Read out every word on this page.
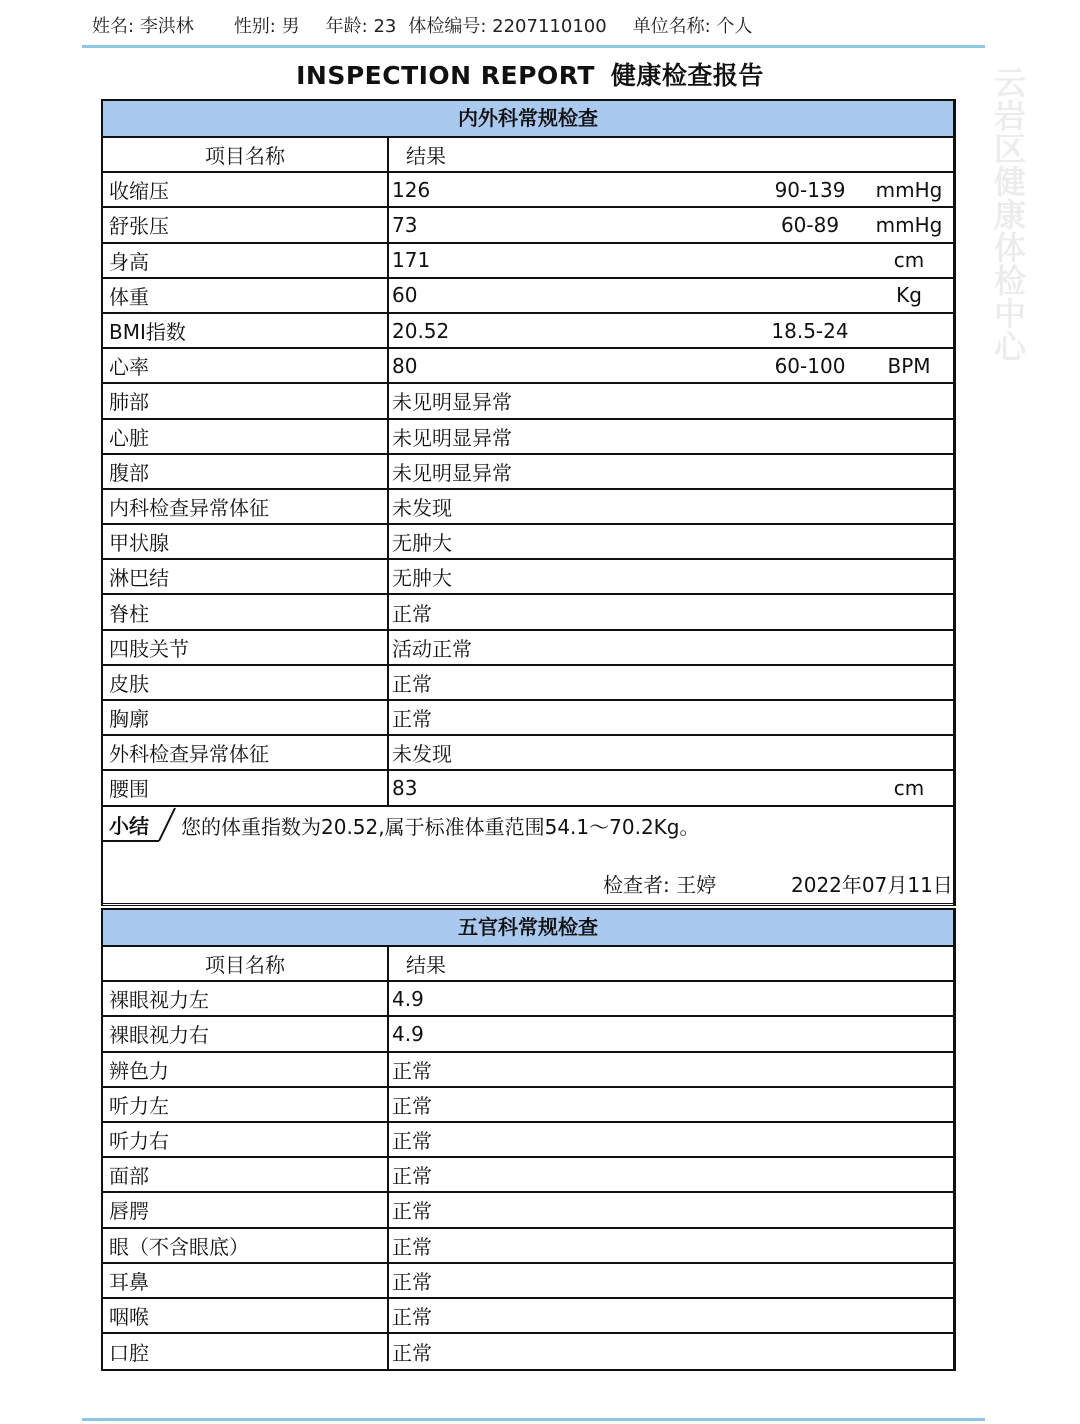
姓名: 李洪林 性别: 男 年龄: 23 体检编号: 2207110100 单位名称: 个人
INSPECTION REPORT 健康检查报告	云岩区健康体检中心
内外科常规检查
项目名称	结果
收缩压	126	90-139	mmHg
舒张压	73	60-89	mmHg
身高	171	cm
体重	60	Kg
BMI指数	20.52	18.5-24
心率	80	60-100	BPM
肺部	未见明显异常
心脏	未见明显异常
腹部	未见明显异常
内科检查异常体征	未发现
甲状腺	无肿大
淋巴结	无肿大
脊柱	正常
四肢关节	活动正常
皮肤	正常
胸廓	正常
外科检查异常体征	未发现
腰围	83	cm
小结	您的体重指数为20.52,属于标准体重范围54.1～70.2Kg。
检查者: 王婷	2022年07月11日
五官科常规检查
项目名称	结果
裸眼视力左	4.9
裸眼视力右	4.9
辨色力	正常
听力左	正常
听力右	正常
面部	正常
唇腭	正常
眼（不含眼底）	正常
耳鼻	正常
咽喉	正常
口腔	正常
